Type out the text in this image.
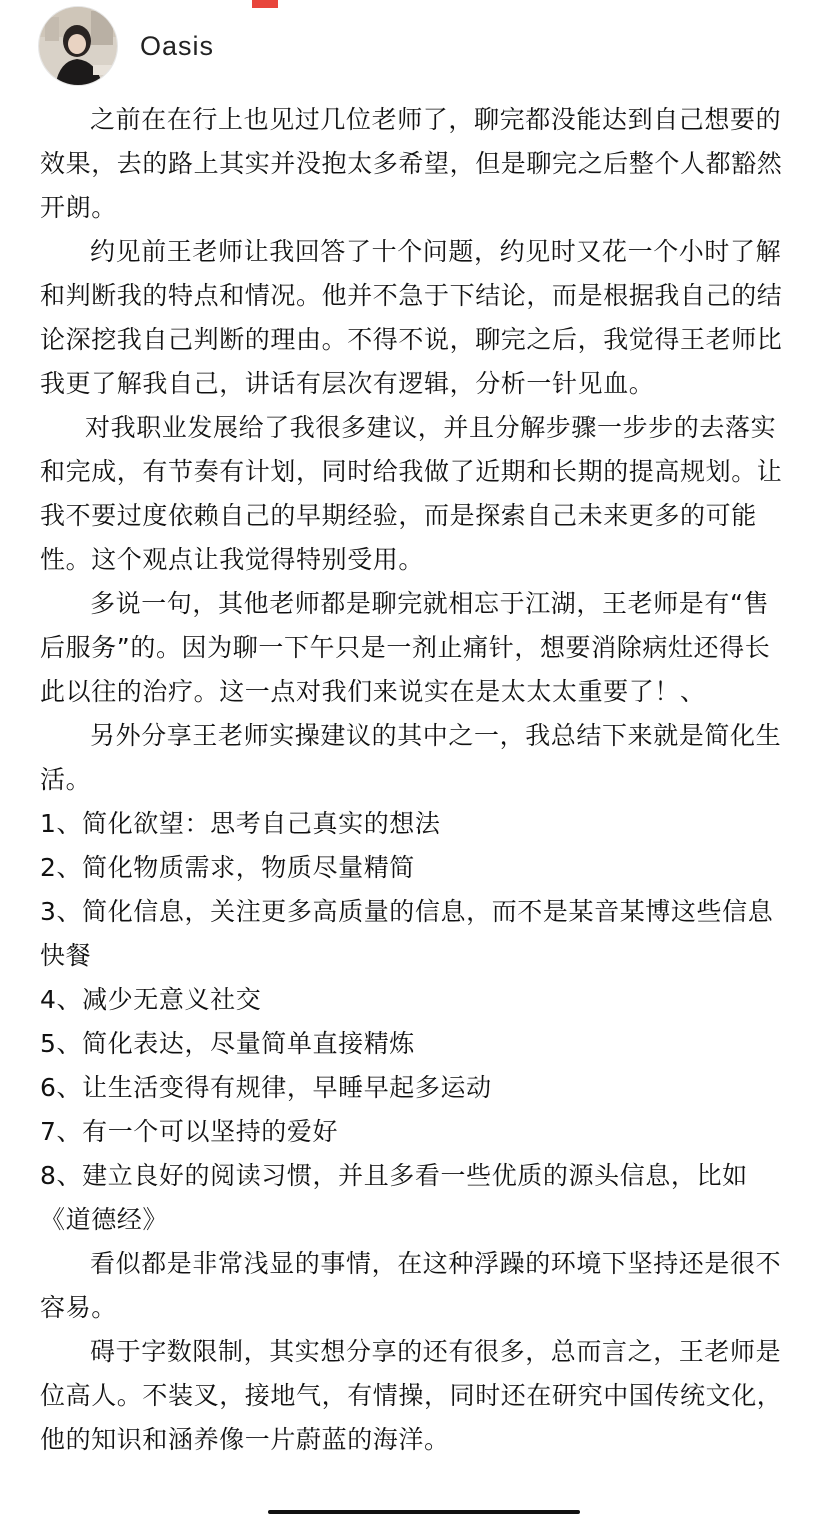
Oasis

之前在在行上也见过几位老师了，聊完都没能达到自己想要的效果，去的路上其实并没抱太多希望，但是聊完之后整个人都豁然开朗。

约见前王老师让我回答了十个问题，约见时又花一个小时了解和判断我的特点和情况。他并不急于下结论，而是根据我自己的结论深挖我自己判断的理由。不得不说，聊完之后，我觉得王老师比我更了解我自己，讲话有层次有逻辑，分析一针见血。

对我职业发展给了我很多建议，并且分解步骤一步步的去落实和完成，有节奏有计划，同时给我做了近期和长期的提高规划。让我不要过度依赖自己的早期经验，而是探索自己未来更多的可能性。这个观点让我觉得特别受用。

多说一句，其他老师都是聊完就相忘于江湖，王老师是有“售后服务”的。因为聊一下午只是一剂止痛针，想要消除病灶还得长此以往的治疗。这一点对我们来说实在是太太太重要了！、

另外分享王老师实操建议的其中之一，我总结下来就是简化生活。

1、简化欲望：思考自己真实的想法

2、简化物质需求，物质尽量精简

3、简化信息，关注更多高质量的信息，而不是某音某博这些信息快餐

4、减少无意义社交

5、简化表达，尽量简单直接精炼

6、让生活变得有规律，早睡早起多运动

7、有一个可以坚持的爱好

8、建立良好的阅读习惯，并且多看一些优质的源头信息，比如《道德经》

看似都是非常浅显的事情，在这种浮躁的环境下坚持还是很不容易。

碍于字数限制，其实想分享的还有很多，总而言之，王老师是位高人。不装叉，接地气，有情操，同时还在研究中国传统文化，他的知识和涵养像一片蔚蓝的海洋。
